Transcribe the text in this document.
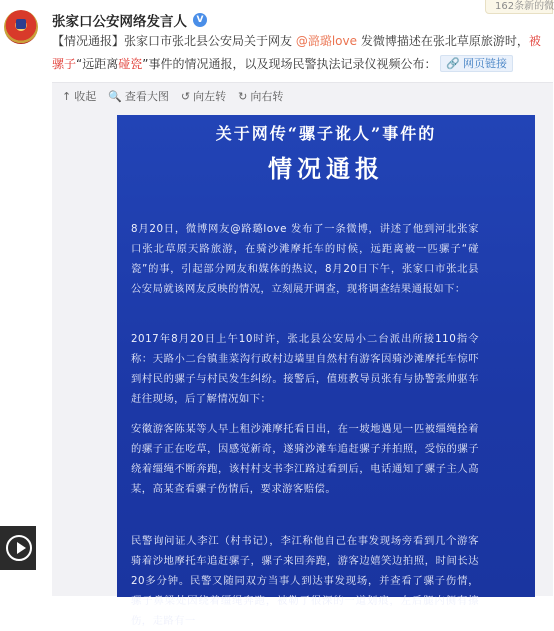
162条新的微
张家口公安网络发言人	V
【情况通报】张家口市张北县公安局关于网友 @潞璐love 发微博描述在张北草原旅游时，被骡子“远距离碰瓷”事件的情况通报，以及现场民警执法记录仪视频公布： 🔗 网页链接
↑ 收起 🔍 查看大图 ↺ 向左转 ↻ 向右转
关于网传“骡子讹人”事件的
情况通报
8月20日，微博网友@路璐love 发布了一条微博，讲述了他到河北张家口张北草原天路旅游，在骑沙滩摩托车的时候，远距离被一匹骡子“碰瓷”的事，引起部分网友和媒体的热议，8月20日下午，张家口市张北县公安局就该网友反映的情况，立刻展开调查，现将调查结果通报如下：
2017年8月20日上午10时许，张北县公安局小二台派出所接110指令称：天路小二台镇韭菜沟行政村边墙里自然村有游客因骑沙滩摩托车惊吓到村民的骡子与村民发生纠纷。接警后，值班教导员张有与协警张帅驱车赶往现场，后了解情况如下：
安徽游客陈某等人早上租沙滩摩托看日出，在一坡地遇见一匹被缰绳拴着的骡子正在吃草，因感觉新奇，遂骑沙滩车追赶骡子并拍照，受惊的骡子绕着缰绳不断奔跑，该村村支书李江路过看到后，电话通知了骡子主人高某，高某查看骡子伤情后，要求游客赔偿。
民警询问证人李江（村书记），李江称他自己在事发现场旁看到几个游客骑着沙地摩托车追赶骡子，骡子来回奔跑，游客边嬉笑边拍照，时间长达20多分钟。民警又随同双方当事人到达事发现场，并查看了骡子伤情，骡子鼻梁处因绕着缰绳奔跑，被勒了很深的一道划痕，左后腿内侧有擦伤，走路有一
